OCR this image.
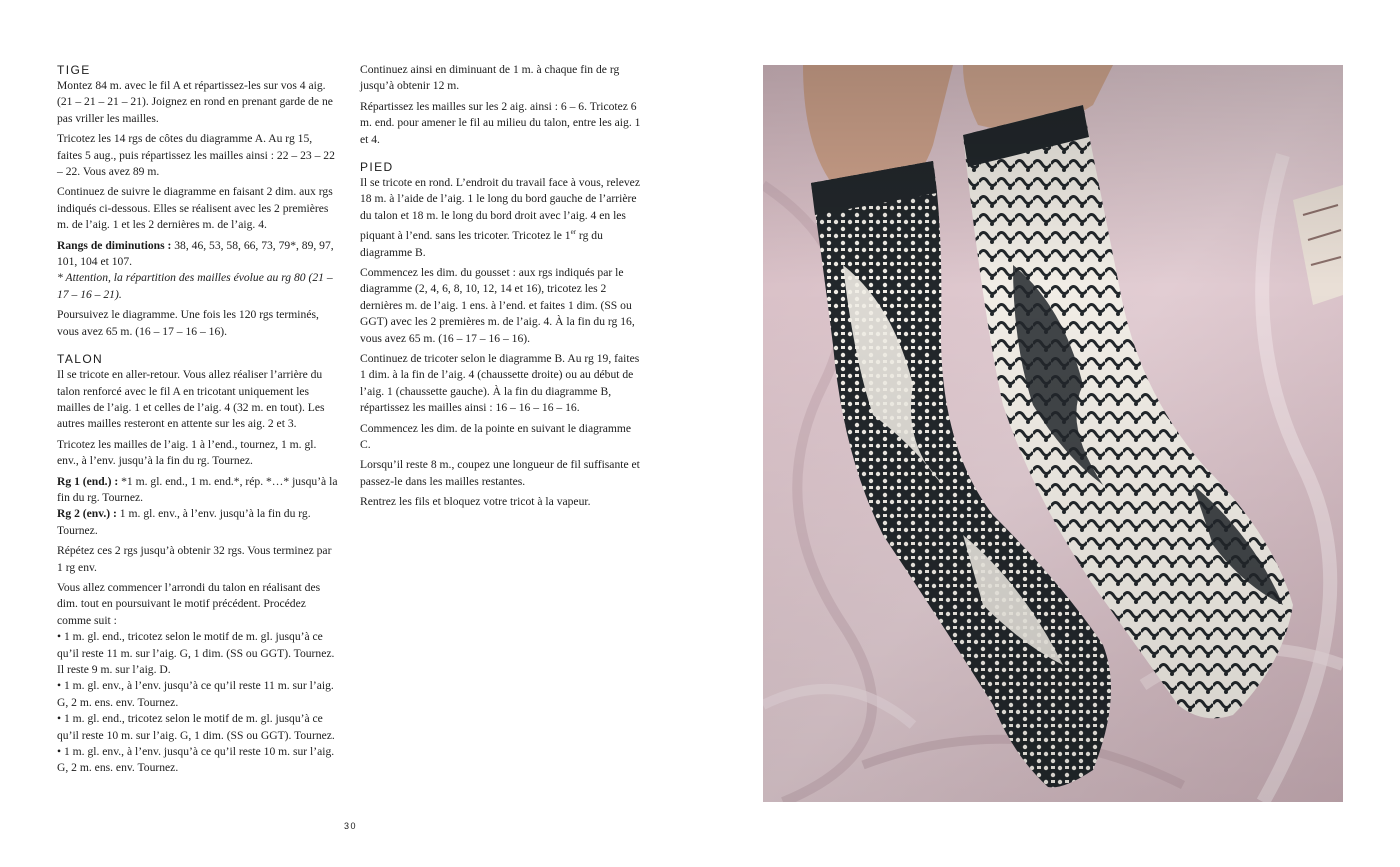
TIGE

Montez 84 m. avec le fil A et répartissez-les sur vos 4 aig. (21 – 21 – 21 – 21). Joignez en rond en prenant garde de ne pas vriller les mailles.

Tricotez les 14 rgs de côtes du diagramme A. Au rg 15, faites 5 aug., puis répartissez les mailles ainsi : 22 – 23 – 22 – 22. Vous avez 89 m.

Continuez de suivre le diagramme en faisant 2 dim. aux rgs indiqués ci-dessous. Elles se réalisent avec les 2 premières m. de l’aig. 1 et les 2 dernières m. de l’aig. 4.

Rangs de diminutions : 38, 46, 53, 58, 66, 73, 79*, 89, 97, 101, 104 et 107.

* Attention, la répartition des mailles évolue au rg 80 (21 – 17 – 16 – 21).

Poursuivez le diagramme. Une fois les 120 rgs terminés, vous avez 65 m. (16 – 17 – 16 – 16).

TALON

Il se tricote en aller-retour. Vous allez réaliser l’arrière du talon renforcé avec le fil A en tricotant uniquement les mailles de l’aig. 1 et celles de l’aig. 4 (32 m. en tout). Les autres mailles resteront en attente sur les aig. 2 et 3.

Tricotez les mailles de l’aig. 1 à l’end., tournez, 1 m. gl. env., à l’env. jusqu’à la fin du rg. Tournez.

Rg 1 (end.) : *1 m. gl. end., 1 m. end.*, rép. *…* jusqu’à la fin du rg. Tournez.

Rg 2 (env.) : 1 m. gl. env., à l’env. jusqu’à la fin du rg. Tournez.

Répétez ces 2 rgs jusqu’à obtenir 32 rgs. Vous terminez par 1 rg env.

Vous allez commencer l’arrondi du talon en réalisant des dim. tout en poursuivant le motif précédent. Procédez comme suit :

• 1 m. gl. end., tricotez selon le motif de m. gl. jusqu’à ce qu’il reste 11 m. sur l’aig. G, 1 dim. (SS ou GGT). Tournez. Il reste 9 m. sur l’aig. D.

• 1 m. gl. env., à l’env. jusqu’à ce qu’il reste 11 m. sur l’aig. G, 2 m. ens. env. Tournez.

• 1 m. gl. end., tricotez selon le motif de m. gl. jusqu’à ce qu’il reste 10 m. sur l’aig. G, 1 dim. (SS ou GGT). Tournez.

• 1 m. gl. env., à l’env. jusqu’à ce qu’il reste 10 m. sur l’aig. G, 2 m. ens. env. Tournez.

Continuez ainsi en diminuant de 1 m. à chaque fin de rg jusqu’à obtenir 12 m.

Répartissez les mailles sur les 2 aig. ainsi : 6 – 6. Tricotez 6 m. end. pour amener le fil au milieu du talon, entre les aig. 1 et 4.

PIED

Il se tricote en rond. L’endroit du travail face à vous, relevez 18 m. à l’aide de l’aig. 1 le long du bord gauche de l’arrière du talon et 18 m. le long du bord droit avec l’aig. 4 en les piquant à l’end. sans les tricoter. Tricotez le 1er rg du diagramme B.

Commencez les dim. du gousset : aux rgs indiqués par le diagramme (2, 4, 6, 8, 10, 12, 14 et 16), tricotez les 2 dernières m. de l’aig. 1 ens. à l’end. et faites 1 dim. (SS ou GGT) avec les 2 premières m. de l’aig. 4. À la fin du rg 16, vous avez 65 m. (16 – 17 – 16 – 16).

Continuez de tricoter selon le diagramme B. Au rg 19, faites 1 dim. à la fin de l’aig. 4 (chaussette droite) ou au début de l’aig. 1 (chaussette gauche). À la fin du diagramme B, répartissez les mailles ainsi : 16 – 16 – 16 – 16.

Commencez les dim. de la pointe en suivant le diagramme C.

Lorsqu’il reste 8 m., coupez une longueur de fil suffisante et passez-le dans les mailles restantes.

Rentrez les fils et bloquez votre tricot à la vapeur.

30
